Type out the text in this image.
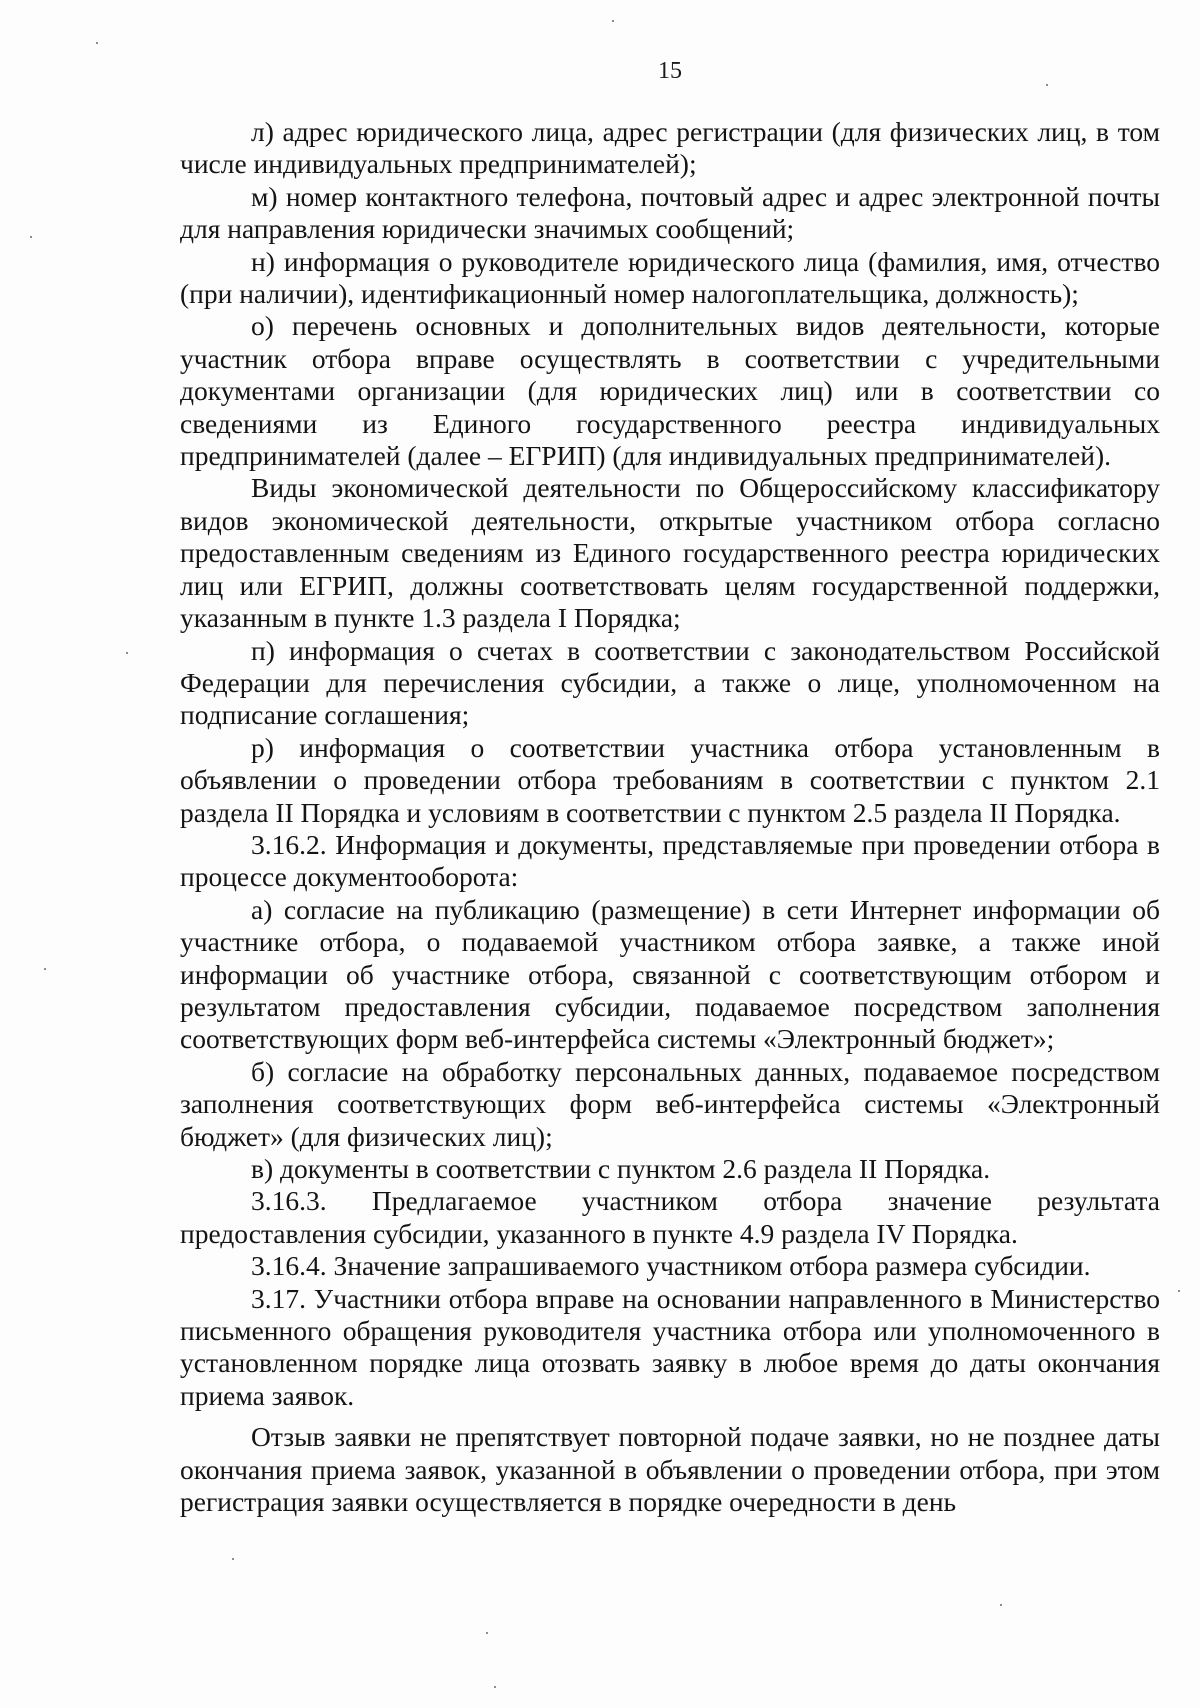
15

л) адрес юридического лица, адрес регистрации (для физических лиц, в том числе индивидуальных предпринимателей);

м) номер контактного телефона, почтовый адрес и адрес электронной почты для направления юридически значимых сообщений;

н) информация о руководителе юридического лица (фамилия, имя, отчество (при наличии), идентификационный номер налогоплательщика, должность);

о) перечень основных и дополнительных видов деятельности, которые участник отбора вправе осуществлять в соответствии с учредительными документами организации (для юридических лиц) или в соответствии со сведениями из Единого государственного реестра индивидуальных предпринимателей (далее – ЕГРИП) (для индивидуальных предпринимателей).

Виды экономической деятельности по Общероссийскому классификатору видов экономической деятельности, открытые участником отбора согласно предоставленным сведениям из Единого государственного реестра юридических лиц или ЕГРИП, должны соответствовать целям государственной поддержки, указанным в пункте 1.3 раздела I Порядка;

п) информация о счетах в соответствии с законодательством Российской Федерации для перечисления субсидии, а также о лице, уполномоченном на подписание соглашения;

р) информация о соответствии участника отбора установленным в объявлении о проведении отбора требованиям в соответствии с пунктом 2.1 раздела II Порядка и условиям в соответствии с пунктом 2.5 раздела II Порядка.

3.16.2. Информация и документы, представляемые при проведении отбора в процессе документооборота:

а) согласие на публикацию (размещение) в сети Интернет информации об участнике отбора, о подаваемой участником отбора заявке, а также иной информации об участнике отбора, связанной с соответствующим отбором и результатом предоставления субсидии, подаваемое посредством заполнения соответствующих форм веб-интерфейса системы «Электронный бюджет»;

б) согласие на обработку персональных данных, подаваемое посредством заполнения соответствующих форм веб-интерфейса системы «Электронный бюджет» (для физических лиц);

в) документы в соответствии с пунктом 2.6 раздела II Порядка.

3.16.3. Предлагаемое участником отбора значение результата предоставления субсидии, указанного в пункте 4.9 раздела IV Порядка.

3.16.4. Значение запрашиваемого участником отбора размера субсидии.

3.17. Участники отбора вправе на основании направленного в Министерство письменного обращения руководителя участника отбора или уполномоченного в установленном порядке лица отозвать заявку в любое время до даты окончания приема заявок.

Отзыв заявки не препятствует повторной подаче заявки, но не позднее даты окончания приема заявок, указанной в объявлении о проведении отбора, при этом регистрация заявки осуществляется в порядке очередности в день
